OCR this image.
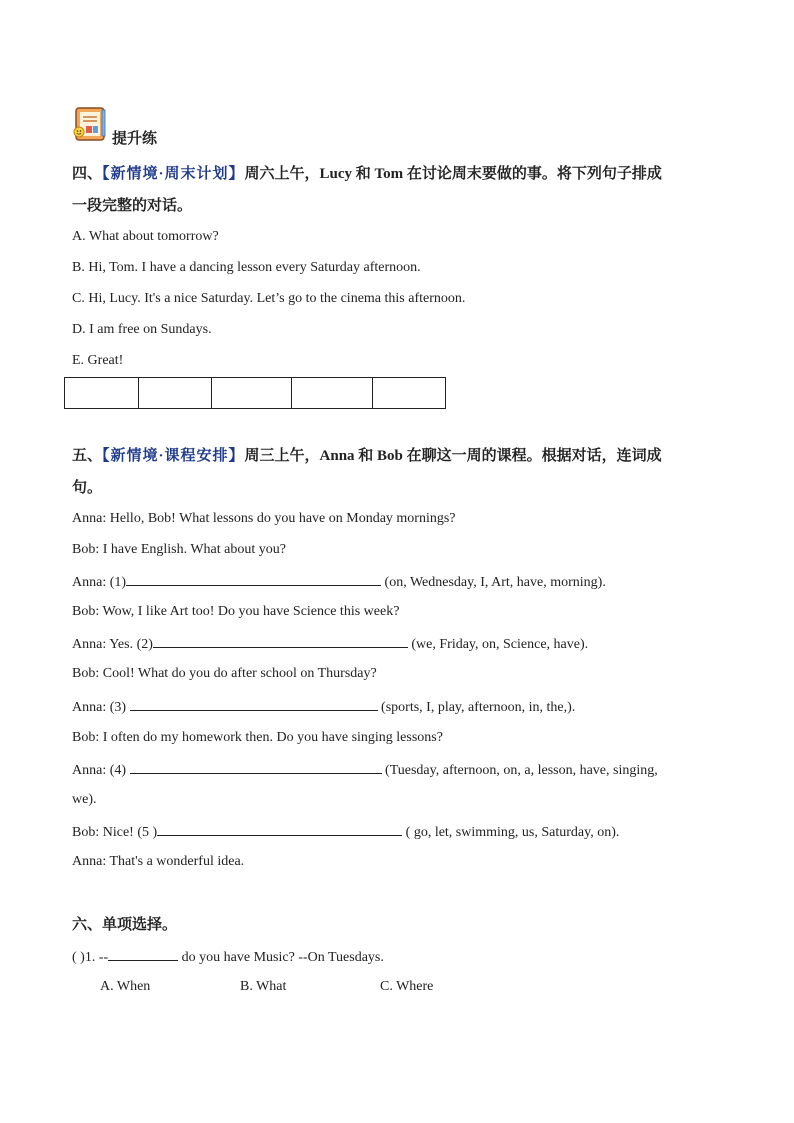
提升练
四、【新情境·周末计划】周六上午，Lucy 和 Tom 在讨论周末要做的事。将下列句子排成
一段完整的对话。
A. What about tomorrow?
B. Hi, Tom. I have a dancing lesson every Saturday afternoon.
C. Hi, Lucy. It's a nice Saturday. Let’s go to the cinema this afternoon.
D. I am free on Sundays.
E. Great!

五、【新情境·课程安排】周三上午，Anna 和 Bob 在聊这一周的课程。根据对话，连词成
句。
Anna: Hello, Bob! What lessons do you have on Monday mornings?
Bob: I have English. What about you?
Anna: (1)	(on, Wednesday, I, Art, have, morning).
Bob: Wow, I like Art too! Do you have Science this week?
Anna: Yes. (2)	(we, Friday, on, Science, have).
Bob: Cool! What do you do after school on Thursday?
Anna: (3)	(sports, I, play, afternoon, in, the,).
Bob: I often do my homework then. Do you have singing lessons?
Anna: (4)	(Tuesday, afternoon, on, a, lesson, have, singing,
we).
Bob: Nice! (5 )	( go, let, swimming, us, Saturday, on).
Anna: That's a wonderful idea.
六、单项选择。
( )1. --	do you have Music? --On Tuesdays.
A. When	B. What	C. Where
